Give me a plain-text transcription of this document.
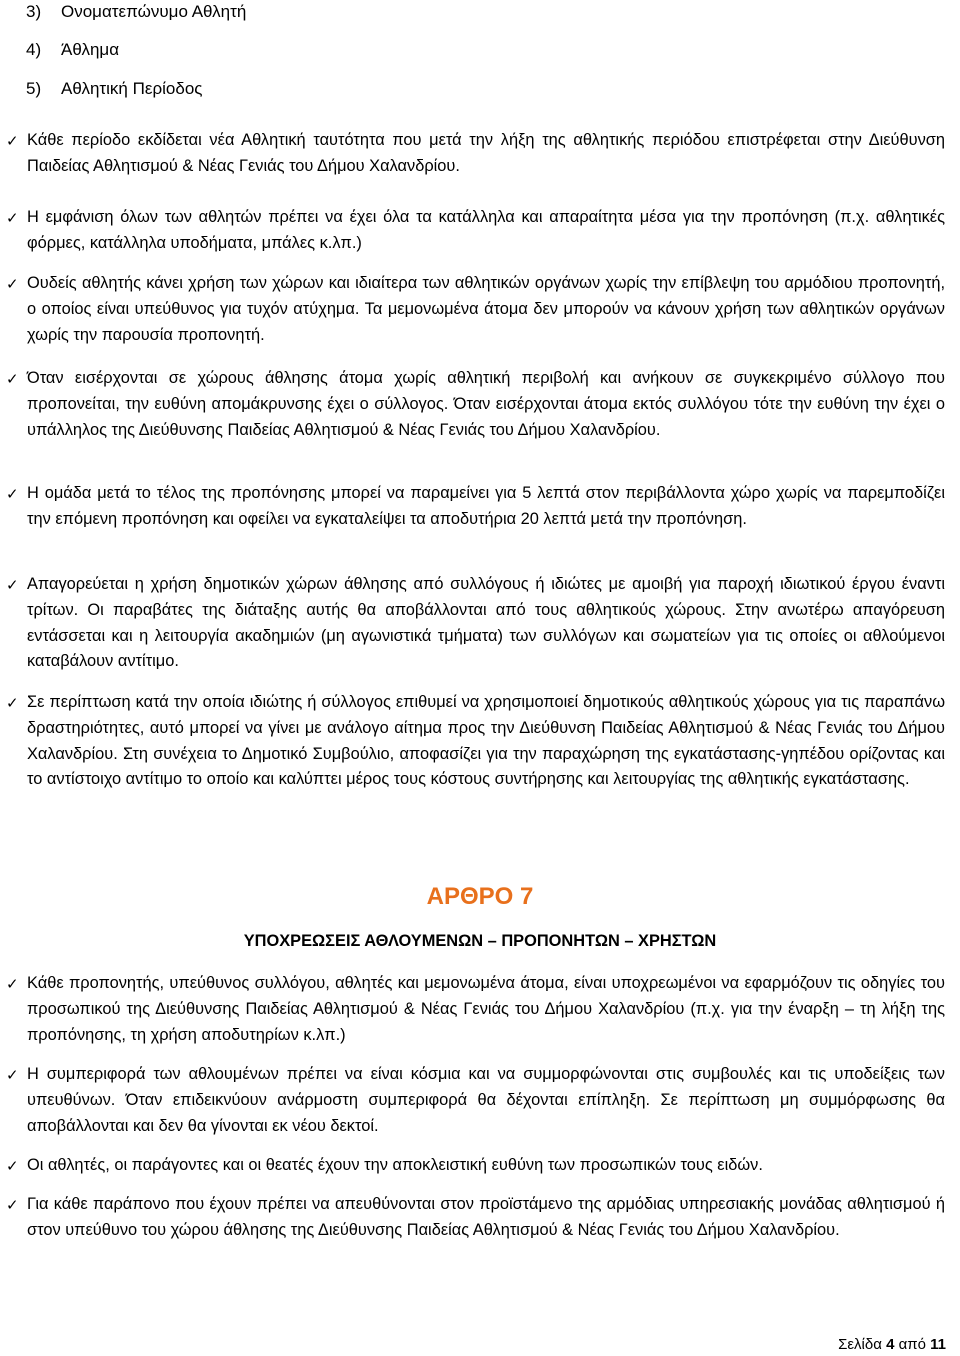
3) Ονοματεπώνυμο Αθλητή
4) Άθλημα
5) Αθλητική Περίοδος
✓ Κάθε περίοδο εκδίδεται νέα Αθλητική ταυτότητα που μετά την λήξη της αθλητικής περιόδου επιστρέφεται στην Διεύθυνση Παιδείας Αθλητισμού & Νέας Γενιάς του Δήμου Χαλανδρίου.
✓ Η εμφάνιση όλων των αθλητών πρέπει να έχει όλα τα κατάλληλα και απαραίτητα μέσα για την προπόνηση (π.χ. αθλητικές φόρμες, κατάλληλα υποδήματα, μπάλες κ.λπ.)
✓ Ουδείς αθλητής κάνει χρήση των χώρων και ιδιαίτερα των αθλητικών οργάνων χωρίς την επίβλεψη του αρμόδιου προπονητή, ο οποίος είναι υπεύθυνος για τυχόν ατύχημα. Τα μεμονωμένα άτομα δεν μπορούν να κάνουν χρήση των αθλητικών οργάνων χωρίς την παρουσία προπονητή.
✓ Όταν εισέρχονται σε χώρους άθλησης άτομα χωρίς αθλητική περιβολή και ανήκουν σε συγκεκριμένο σύλλογο που προπονείται, την ευθύνη απομάκρυνσης έχει ο σύλλογος. Όταν εισέρχονται άτομα εκτός συλλόγου τότε την ευθύνη την έχει ο υπάλληλος της Διεύθυνσης Παιδείας Αθλητισμού & Νέας Γενιάς του Δήμου Χαλανδρίου.
✓ Η ομάδα μετά το τέλος της προπόνησης μπορεί να παραμείνει για 5 λεπτά στον περιβάλλοντα χώρο χωρίς να παρεμποδίζει την επόμενη προπόνηση και οφείλει να εγκαταλείψει τα αποδυτήρια 20 λεπτά μετά την προπόνηση.
✓ Απαγορεύεται η χρήση δημοτικών χώρων άθλησης από συλλόγους ή ιδιώτες με αμοιβή για παροχή ιδιωτικού έργου έναντι τρίτων. Οι παραβάτες της διάταξης αυτής θα αποβάλλονται από τους αθλητικούς χώρους. Στην ανωτέρω απαγόρευση εντάσσεται και η λειτουργία ακαδημιών (μη αγωνιστικά τμήματα) των συλλόγων και σωματείων για τις οποίες οι αθλούμενοι καταβάλουν αντίτιμο.
✓ Σε περίπτωση κατά την οποία ιδιώτης ή σύλλογος επιθυμεί να χρησιμοποιεί δημοτικούς αθλητικούς χώρους για τις παραπάνω δραστηριότητες, αυτό μπορεί να γίνει με ανάλογο αίτημα προς την Διεύθυνση Παιδείας Αθλητισμού & Νέας Γενιάς του Δήμου Χαλανδρίου. Στη συνέχεια το Δημοτικό Συμβούλιο, αποφασίζει για την παραχώρηση της εγκατάστασης-γηπέδου ορίζοντας και το αντίστοιχο αντίτιμο το οποίο και καλύπτει μέρος τους κόστους συντήρησης και λειτουργίας της αθλητικής εγκατάστασης.
ΑΡΘΡΟ 7
ΥΠΟΧΡΕΩΣΕΙΣ ΑΘΛΟΥΜΕΝΩΝ – ΠΡΟΠΟΝΗΤΩΝ – ΧΡΗΣΤΩΝ
✓ Κάθε προπονητής, υπεύθυνος συλλόγου, αθλητές και μεμονωμένα άτομα, είναι υποχρεωμένοι να εφαρμόζουν τις οδηγίες του προσωπικού της Διεύθυνσης Παιδείας Αθλητισμού & Νέας Γενιάς του Δήμου Χαλανδρίου (π.χ. για την έναρξη – τη λήξη της προπόνησης, τη χρήση αποδυτηρίων κ.λπ.)
✓ Η συμπεριφορά των αθλουμένων πρέπει να είναι κόσμια και να συμμορφώνονται στις συμβουλές και τις υποδείξεις των υπευθύνων. Όταν επιδεικνύουν ανάρμοστη συμπεριφορά θα δέχονται επίπληξη. Σε περίπτωση μη συμμόρφωσης θα αποβάλλονται και δεν θα γίνονται εκ νέου δεκτοί.
✓ Οι αθλητές, οι παράγοντες και οι θεατές έχουν την αποκλειστική ευθύνη των προσωπικών τους ειδών.
✓ Για κάθε παράπονο που έχουν πρέπει να απευθύνονται στον προϊστάμενο της αρμόδιας υπηρεσιακής μονάδας αθλητισμού ή στον υπεύθυνο του χώρου άθλησης της Διεύθυνσης Παιδείας Αθλητισμού & Νέας Γενιάς του Δήμου Χαλανδρίου.
Σελίδα 4 από 11
